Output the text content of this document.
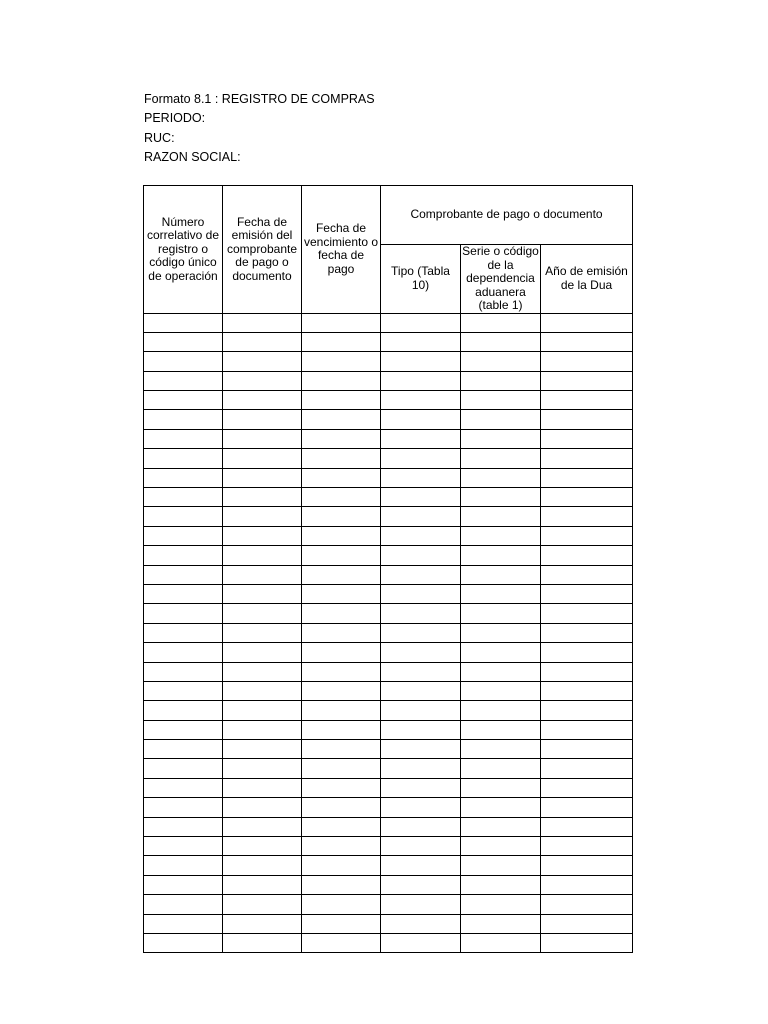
Formato 8.1 : REGISTRO DE COMPRAS
PERIODO:
RUC:
RAZON SOCIAL:
Número correlativo de registro o código único de operación	Fecha de emisión del comprobante de pago o documento	Fecha de vencimiento o fecha de pago	Comprobante de pago o documento		

			Tipo (Tabla 10)	Serie o código de la dependencia aduanera (table 1)	Año de emisión de la Dua
